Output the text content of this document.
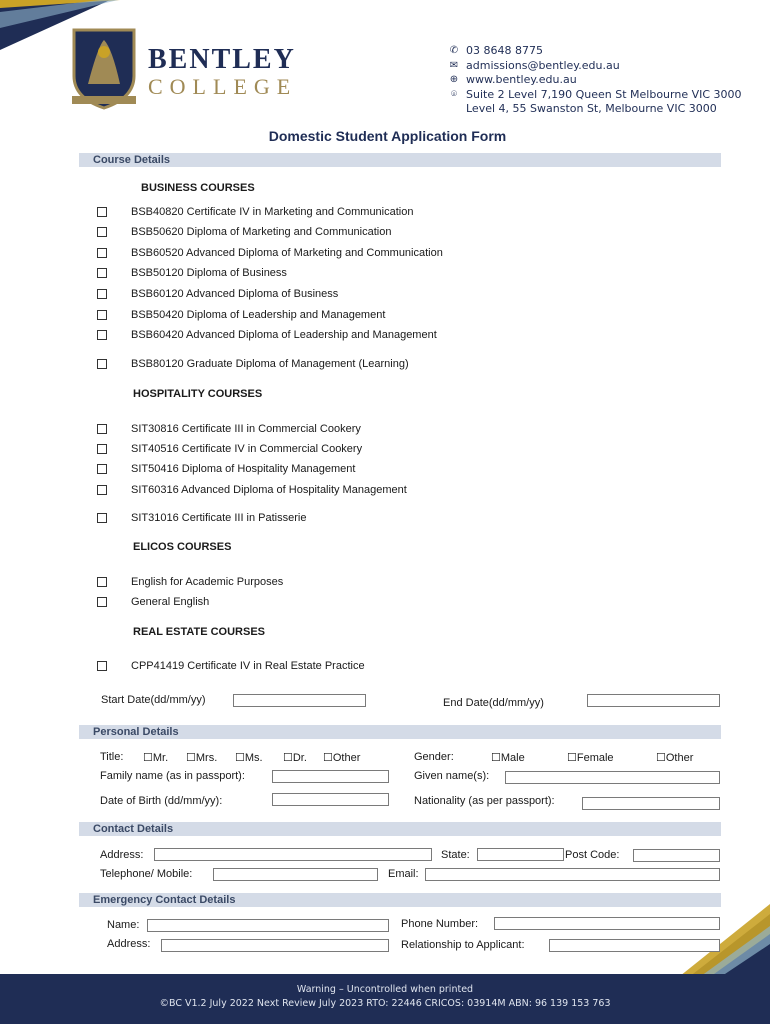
BENTLEY
COLLEGE
✆ 03 8648 8775
✉ admissions@bentley.edu.au
⊕ www.bentley.edu.au
⌾ Suite 2 Level 7,190 Queen St Melbourne VIC 3000
Level 4, 55 Swanston St, Melbourne VIC 3000
Domestic Student Application Form
Course Details
BUSINESS COURSES
BSB40820 Certificate IV in Marketing and Communication
BSB50620 Diploma of Marketing and Communication
BSB60520 Advanced Diploma of Marketing and Communication
BSB50120 Diploma of Business
BSB60120 Advanced Diploma of Business
BSB50420 Diploma of Leadership and Management
BSB60420 Advanced Diploma of Leadership and Management
BSB80120 Graduate Diploma of Management (Learning)
HOSPITALITY COURSES
SIT30816 Certificate III in Commercial Cookery
SIT40516 Certificate IV in Commercial Cookery
SIT50416 Diploma of Hospitality Management
SIT60316 Advanced Diploma of Hospitality Management
SIT31016 Certificate III in Patisserie
ELICOS COURSES
English for Academic Purposes
General English
REAL ESTATE COURSES
CPP41419 Certificate IV in Real Estate Practice
Start Date(dd/mm/yy)	End Date(dd/mm/yy)
Personal Details
Title: ☐Mr. ☐Mrs. ☐Ms. ☐Dr. ☐Other	Gender:	☐Male	☐Female	☐Other
Family name (as in passport):	Given name(s):
Date of Birth (dd/mm/yy):	Nationality (as per passport):
Contact Details
Address:	State:	Post Code:
Telephone/ Mobile:	Email:
Emergency Contact Details
Name:	Phone Number:
Address:	Relationship to Applicant:
Warning – Uncontrolled when printed
©BC V1.2 July 2022 Next Review July 2023 RTO: 22446 CRICOS: 03914M ABN: 96 139 153 763
